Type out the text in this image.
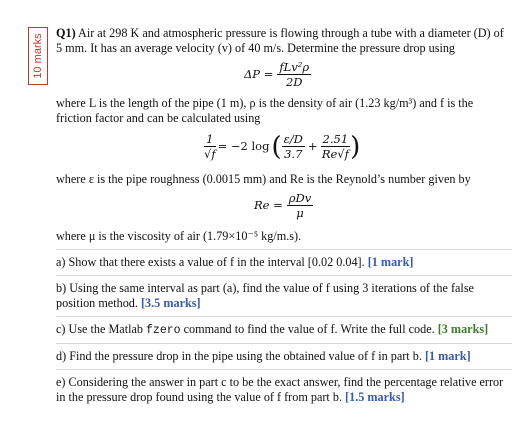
10 marks

Q1) Air at 298 K and atmospheric pressure is flowing through a tube with a diameter (D) of 5 mm. It has an average velocity (v) of 40 m/s. Determine the pressure drop using

$\Delta P = \frac{\text{fLv²ρ}}{2D}$

where L is the length of the pipe (1 m), ρ is the density of air (1.23 kg/m³) and f is the friction factor and can be calculated using

$\frac{1}{√f} = -2$ log ( $\frac{\varepsilon/D}{3.7} + \frac{2.51}{Re√f}$ )

where ε is the pipe roughness (0.0015 mm) and Re is the Reynold’s number given by

$Re = \frac{\text{ρDv}}{\mu}$

where μ is the viscosity of air (1.79×10⁻⁵ kg/m.s).

a) Show that there exists a value of f in the interval [0.02 0.04]. [1 mark]

b) Using the same interval as part (a), find the value of f using 3 iterations of the false position method. [3.5 marks]

c) Use the Matlab fzero command to find the value of f. Write the full code. [3 marks]

d) Find the pressure drop in the pipe using the obtained value of f in part b. [1 mark]

e) Considering the answer in part c to be the exact answer, find the percentage relative error in the pressure drop found using the value of f from part b. [1.5 marks]
